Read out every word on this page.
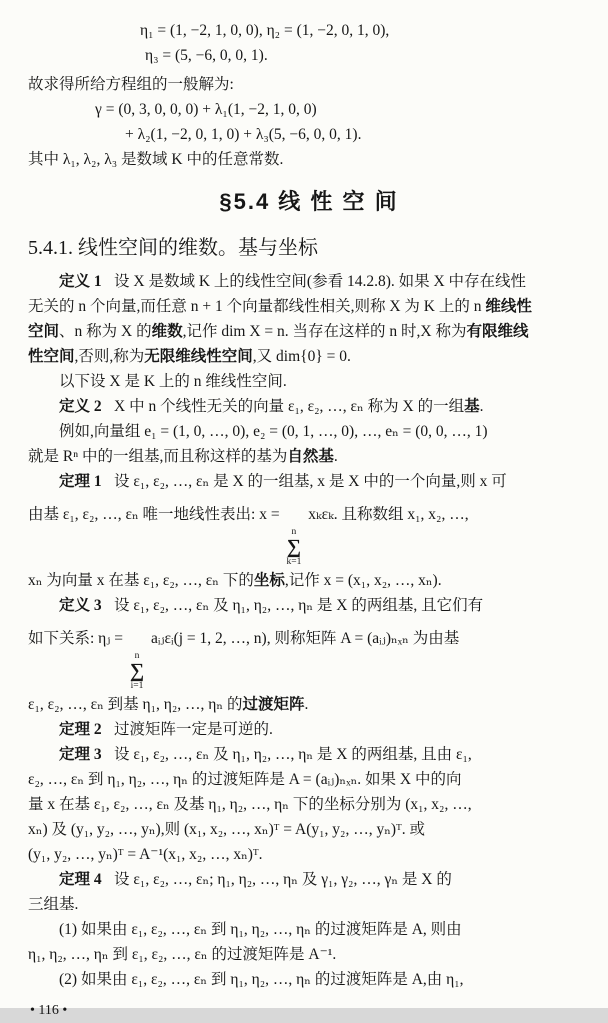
η₁ = (1, −2, 1, 0, 0), η₂ = (1, −2, 0, 1, 0),
η₃ = (5, −6, 0, 0, 1).
故求得所给方程组的一般解为:
γ = (0, 3, 0, 0, 0) + λ₁(1, −2, 1, 0, 0)
+ λ₂(1, −2, 0, 1, 0) + λ₃(5, −6, 0, 0, 1).
其中 λ₁, λ₂, λ₃ 是数域 K 中的任意常数.
§5.4 线 性 空 间
5.4.1. 线性空间的维数。基与坐标
定义 1 设 X 是数域 K 上的线性空间(参看 14.2.8). 如果 X 中存在线性
无关的 n 个向量,而任意 n + 1 个向量都线性相关,则称 X 为 K 上的 n 维线性
空间、n 称为 X 的维数,记作 dim X = n. 当存在这样的 n 时,X 称为有限维线
性空间,否则,称为无限维线性空间,又 dim{0} = 0.
以下设 X 是 K 上的 n 维线性空间.
定义 2 X 中 n 个线性无关的向量 ε₁, ε₂, …, εₙ 称为 X 的一组基.
例如,向量组 e₁ = (1, 0, …, 0), e₂ = (0, 1, …, 0), …, eₙ = (0, 0, …, 1)
就是 Rⁿ 中的一组基,而且称这样的基为自然基.
定理 1 设 ε₁, ε₂, …, εₙ 是 X 的一组基, x 是 X 中的一个向量,则 x 可
由基 ε₁, ε₂, …, εₙ 唯一地线性表出: x =
n
∑
k=1
xₖεₖ. 且称数组 x₁, x₂, …,
xₙ 为向量 x 在基 ε₁, ε₂, …, εₙ 下的坐标,记作 x = (x₁, x₂, …, xₙ).
定义 3 设 ε₁, ε₂, …, εₙ 及 η₁, η₂, …, ηₙ 是 X 的两组基, 且它们有
如下关系: ηⱼ =
n
∑
i=1
aᵢⱼεᵢ(j = 1, 2, …, n), 则称矩阵 A = (aᵢⱼ)ₙₓₙ 为由基
ε₁, ε₂, …, εₙ 到基 η₁, η₂, …, ηₙ 的过渡矩阵.
定理 2 过渡矩阵一定是可逆的.
定理 3 设 ε₁, ε₂, …, εₙ 及 η₁, η₂, …, ηₙ 是 X 的两组基, 且由 ε₁,
ε₂, …, εₙ 到 η₁, η₂, …, ηₙ 的过渡矩阵是 A = (aᵢⱼ)ₙₓₙ. 如果 X 中的向
量 x 在基 ε₁, ε₂, …, εₙ 及基 η₁, η₂, …, ηₙ 下的坐标分别为 (x₁, x₂, …,
xₙ) 及 (y₁, y₂, …, yₙ),则 (x₁, x₂, …, xₙ)ᵀ = A(y₁, y₂, …, yₙ)ᵀ. 或
(y₁, y₂, …, yₙ)ᵀ = A⁻¹(x₁, x₂, …, xₙ)ᵀ.
定理 4 设 ε₁, ε₂, …, εₙ; η₁, η₂, …, ηₙ 及 γ₁, γ₂, …, γₙ 是 X 的
三组基.
(1) 如果由 ε₁, ε₂, …, εₙ 到 η₁, η₂, …, ηₙ 的过渡矩阵是 A, 则由
η₁, η₂, …, ηₙ 到 ε₁, ε₂, …, εₙ 的过渡矩阵是 A⁻¹.
(2) 如果由 ε₁, ε₂, …, εₙ 到 η₁, η₂, …, ηₙ 的过渡矩阵是 A,由 η₁,
• 116 •
